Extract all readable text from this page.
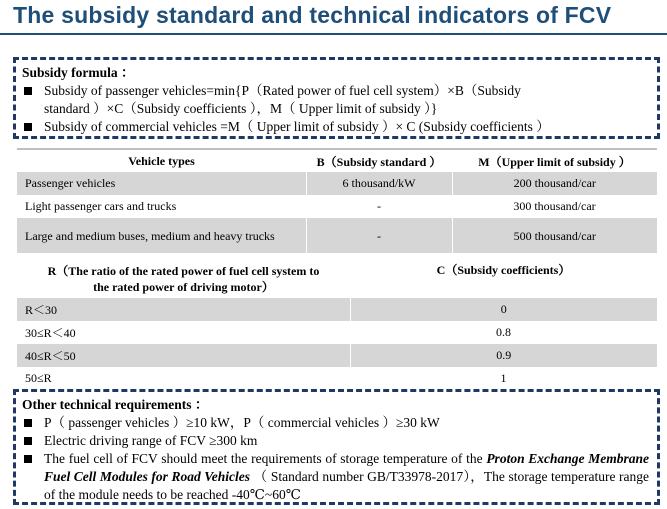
The subsidy standard and technical indicators of FCV
Subsidy formula ：
Subsidy of passenger vehicles=min{P（Rated power of fuel cell system）×B（Subsidy
standard ）×C（Subsidy coefficients ），M（ Upper limit of subsidy ）}
Subsidy of commercial vehicles =M（ Upper limit of subsidy ）× C (Subsidy coefficients ）
Vehicle types	B（Subsidy standard ）	M（Upper limit of subsidy ）
Passenger vehicles	6 thousand/kW	200 thousand/car
Light passenger cars and trucks	-	300 thousand/car
Large and medium buses, medium and heavy trucks	-	500 thousand/car
R（The ratio of the rated power of fuel cell system to
the rated power of driving motor）	C（Subsidy coefficients）
R＜30	0
30≤R＜40	0.8
40≤R＜50	0.9
50≤R	1
Other technical requirements ：
P（ passenger vehicles ）≥10 kW，P（ commercial vehicles ）≥30 kW
Electric driving range of FCV ≥300 km
The fuel cell of FCV should meet the requirements of storage temperature of the Proton Exchange Membrane Fuel Cell Modules for Road Vehicles （ Standard number GB/T33978-2017），The storage temperature range of the module needs to be reached -40℃~60℃
